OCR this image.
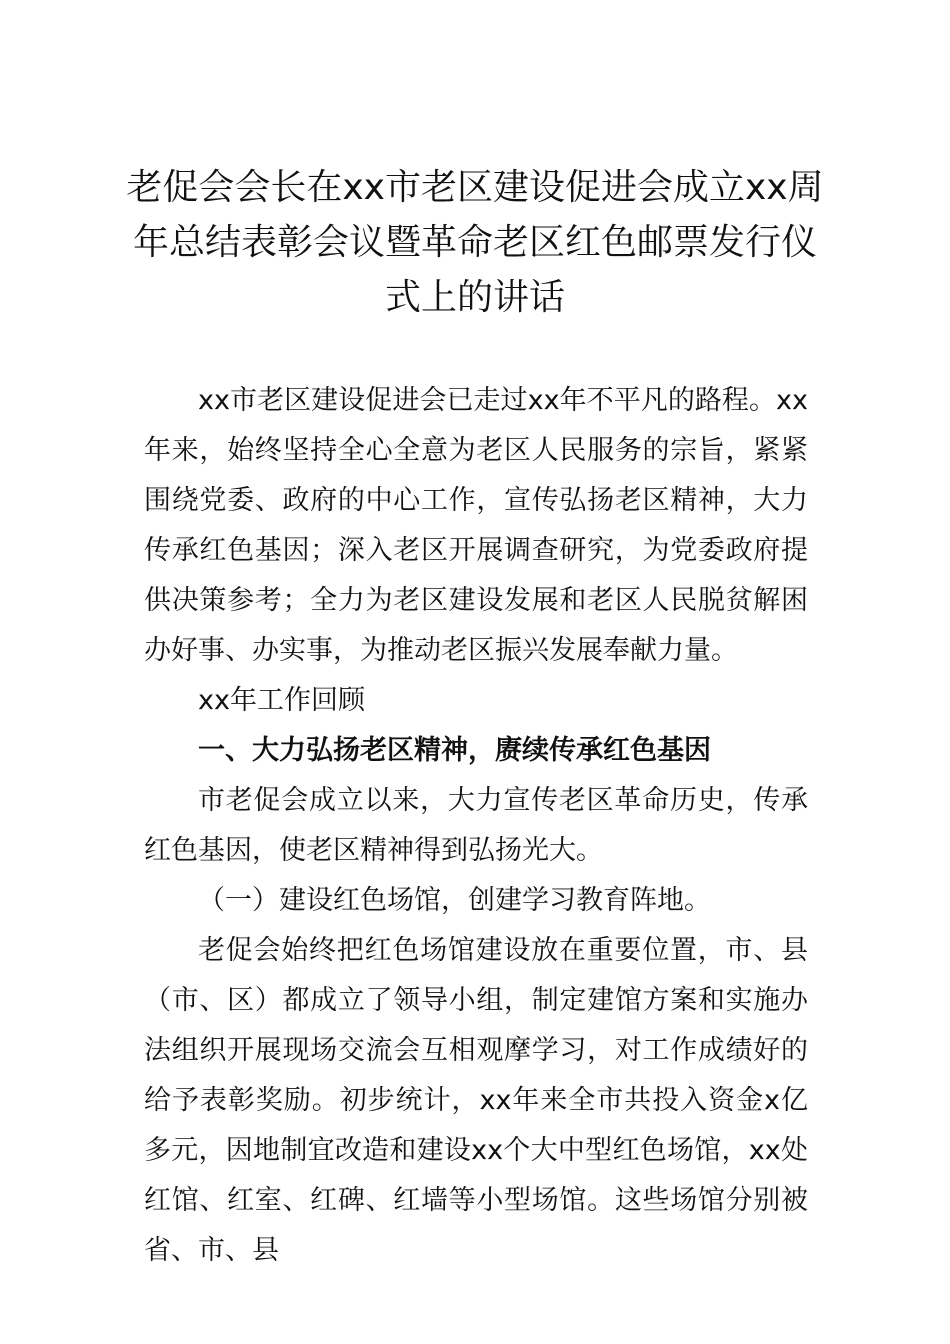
老促会会长在xx市老区建设促进会成立xx周年总结表彰会议暨革命老区红色邮票发行仪式上的讲话

xx市老区建设促进会已走过xx年不平凡的路程。xx年来，始终坚持全心全意为老区人民服务的宗旨，紧紧围绕党委、政府的中心工作，宣传弘扬老区精神，大力传承红色基因；深入老区开展调查研究，为党委政府提供决策参考；全力为老区建设发展和老区人民脱贫解困办好事、办实事，为推动老区振兴发展奉献力量。

xx年工作回顾

一、大力弘扬老区精神，赓续传承红色基因

市老促会成立以来，大力宣传老区革命历史，传承红色基因，使老区精神得到弘扬光大。

（一）建设红色场馆，创建学习教育阵地。

老促会始终把红色场馆建设放在重要位置，市、县（市、区）都成立了领导小组，制定建馆方案和实施办法组织开展现场交流会互相观摩学习，对工作成绩好的给予表彰奖励。初步统计，xx年来全市共投入资金x亿多元，因地制宜改造和建设xx个大中型红色场馆，xx处红馆、红室、红碑、红墙等小型场馆。这些场馆分别被省、市、县
